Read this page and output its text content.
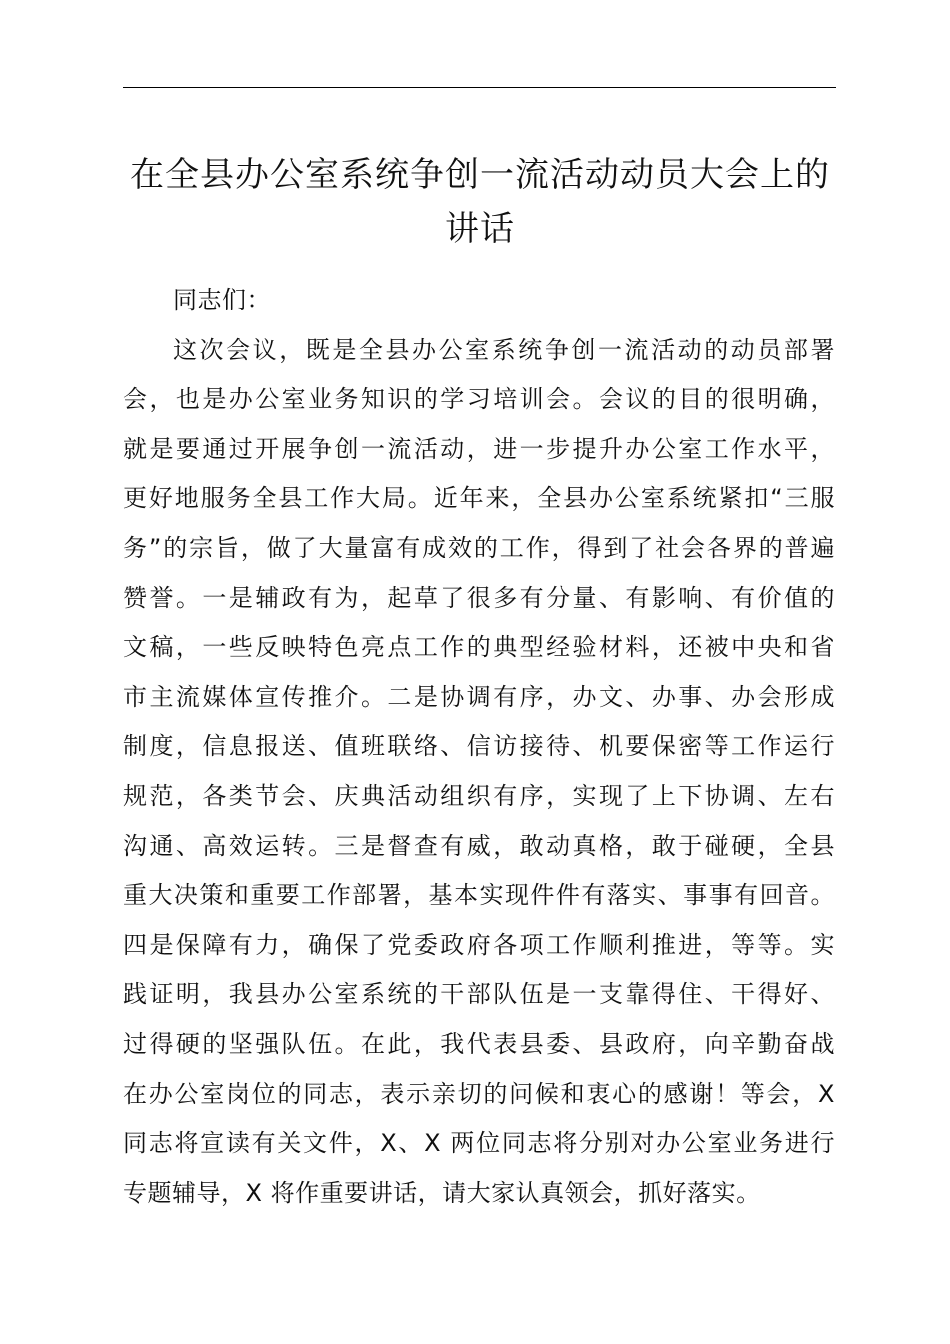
在全县办公室系统争创一流活动动员大会上的
讲话
同志们：
这次会议，既是全县办公室系统争创一流活动的动员部署
会，也是办公室业务知识的学习培训会。会议的目的很明确，
就是要通过开展争创一流活动，进一步提升办公室工作水平，
更好地服务全县工作大局。近年来，全县办公室系统紧扣“三服
务”的宗旨，做了大量富有成效的工作，得到了社会各界的普遍
赞誉。一是辅政有为，起草了很多有分量、有影响、有价值的
文稿，一些反映特色亮点工作的典型经验材料，还被中央和省
市主流媒体宣传推介。二是协调有序，办文、办事、办会形成
制度，信息报送、值班联络、信访接待、机要保密等工作运行
规范，各类节会、庆典活动组织有序，实现了上下协调、左右
沟通、高效运转。三是督查有威，敢动真格，敢于碰硬，全县
重大决策和重要工作部署，基本实现件件有落实、事事有回音。
四是保障有力，确保了党委政府各项工作顺利推进，等等。实
践证明，我县办公室系统的干部队伍是一支靠得住、干得好、
过得硬的坚强队伍。在此，我代表县委、县政府，向辛勤奋战
在办公室岗位的同志，表示亲切的问候和衷心的感谢！等会，X
同志将宣读有关文件，X、X 两位同志将分别对办公室业务进行
专题辅导，X 将作重要讲话，请大家认真领会，抓好落实。
